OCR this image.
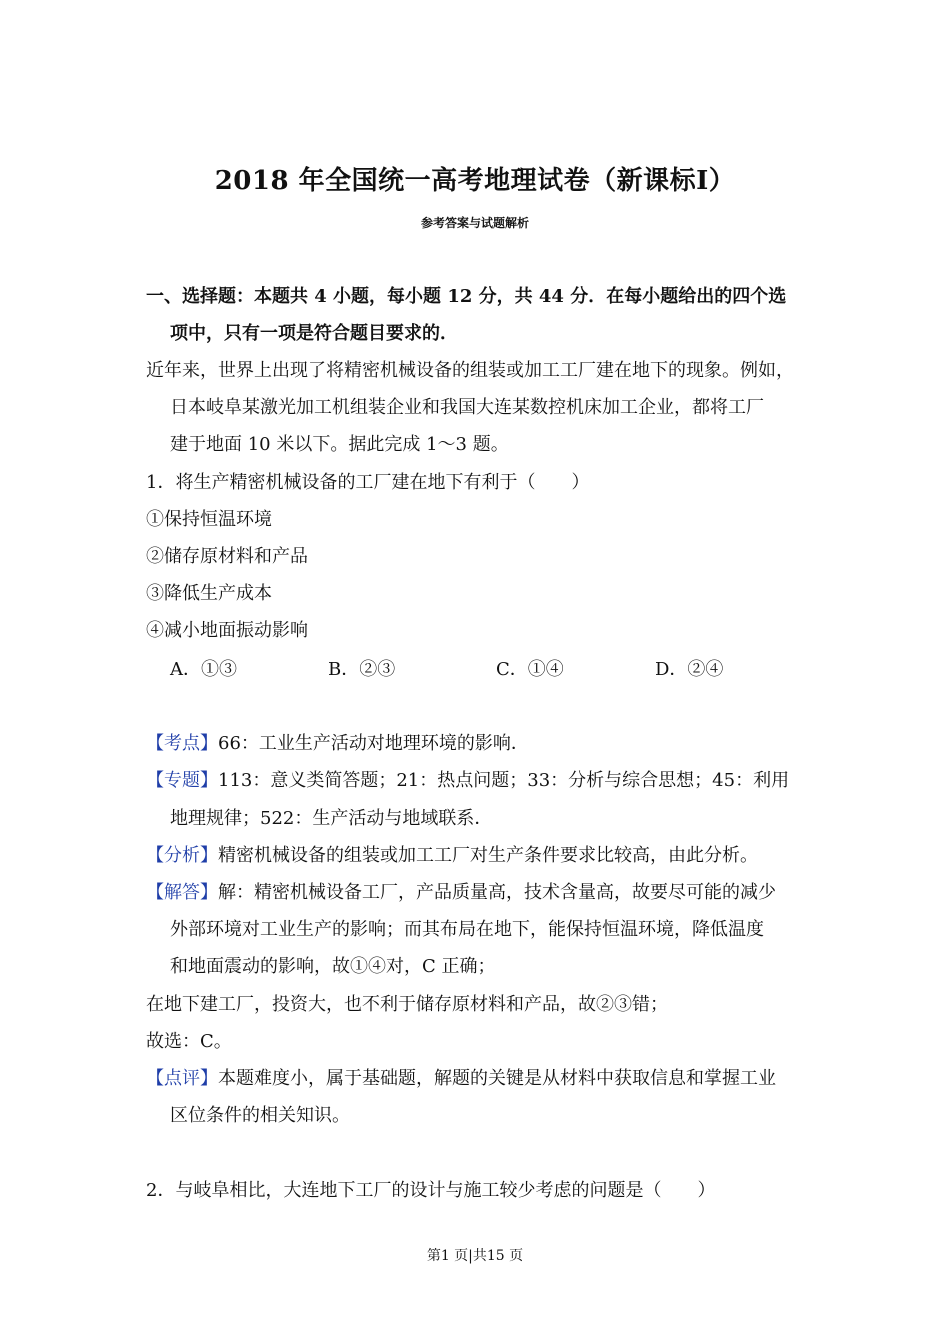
2018 年全国统一高考地理试卷（新课标I）
参考答案与试题解析
一、选择题：本题共 4 小题，每小题 12 分，共 44 分．在每小题给出的四个选
项中，只有一项是符合题目要求的．
近年来，世界上出现了将精密机械设备的组装或加工工厂建在地下的现象。例如，
日本岐阜某激光加工机组装企业和我国大连某数控机床加工企业，都将工厂
建于地面 10 米以下。据此完成 1～3 题。
1．将生产精密机械设备的工厂建在地下有利于（　　）
①保持恒温环境
②储存原材料和产品
③降低生产成本
④减小地面振动影响
A．①③	B．②③	C．①④	D．②④
【考点】66：工业生产活动对地理环境的影响．
【专题】113：意义类简答题；21：热点问题；33：分析与综合思想；45：利用
地理规律；522：生产活动与地域联系．
【分析】精密机械设备的组装或加工工厂对生产条件要求比较高，由此分析。
【解答】解：精密机械设备工厂，产品质量高，技术含量高，故要尽可能的减少
外部环境对工业生产的影响；而其布局在地下，能保持恒温环境，降低温度
和地面震动的影响，故①④对，C 正确；
在地下建工厂，投资大，也不利于储存原材料和产品，故②③错；
故选：C。
【点评】本题难度小，属于基础题，解题的关键是从材料中获取信息和掌握工业
区位条件的相关知识。
2．与岐阜相比，大连地下工厂的设计与施工较少考虑的问题是（　　）
第1 页|共15 页
